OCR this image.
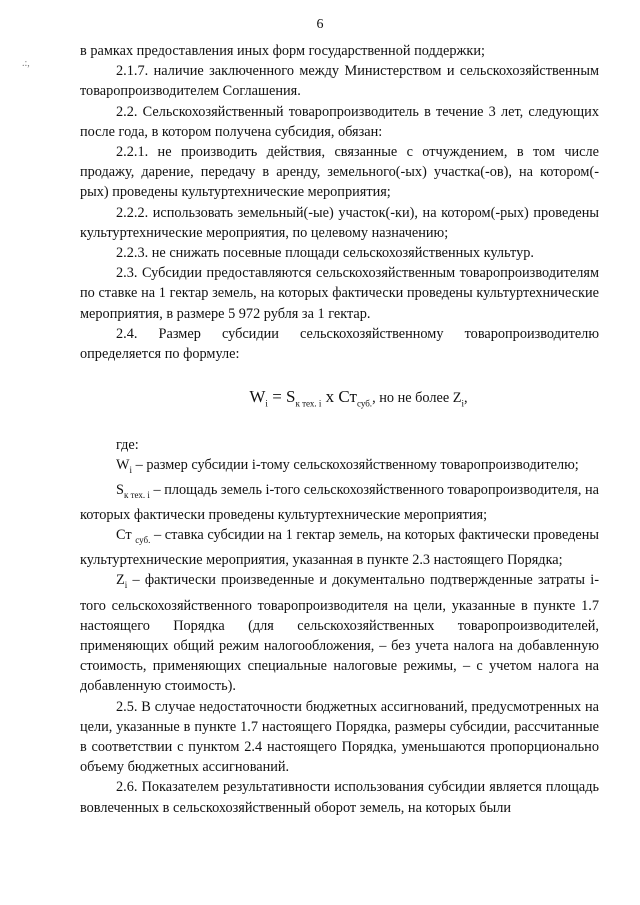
6
.:,

в рамках предоставления иных форм государственной поддержки;

2.1.7. наличие заключенного между Министерством и сельскохозяйственным товаропроизводителем Соглашения.

2.2. Сельскохозяйственный товаропроизводитель в течение 3 лет, следующих после года, в котором получена субсидия, обязан:

2.2.1. не производить действия, связанные с отчуждением, в том числе продажу, дарение, передачу в аренду, земельного(-ых) участка(-ов), на котором(-рых) проведены культуртехнические мероприятия;

2.2.2. использовать земельный(-ые) участок(-ки), на котором(-рых) проведены культуртехнические мероприятия, по целевому назначению;

2.2.3. не снижать посевные площади сельскохозяйственных культур.

2.3. Субсидии предоставляются сельскохозяйственным товаропроизводителям по ставке на 1 гектар земель, на которых фактически проведены культуртехнические мероприятия, в размере 5 972 рубля за 1 гектар.

2.4. Размер субсидии сельскохозяйственному товаропроизводителю определяется по формуле:

$W_i = S_{к тех. i}$ x $Ст_{суб.}$, но не более $Z_i$,

где:

$W_i$ – размер субсидии i-тому сельскохозяйственному товаропроизводителю;

$S_{к тех. i}$ – площадь земель i-того сельскохозяйственного товаропроизводителя, на которых фактически проведены культуртехнические мероприятия;

Ст $_{суб.}$ – ставка субсидии на 1 гектар земель, на которых фактически проведены культуртехнические мероприятия, указанная в пункте 2.3 настоящего Порядка;

$Z_i$ – фактически произведенные и документально подтвержденные затраты i-того сельскохозяйственного товаропроизводителя на цели, указанные в пункте 1.7 настоящего Порядка (для сельскохозяйственных товаропроизводителей, применяющих общий режим налогообложения, – без учета налога на добавленную стоимость, применяющих специальные налоговые режимы, – с учетом налога на добавленную стоимость).

2.5. В случае недостаточности бюджетных ассигнований, предусмотренных на цели, указанные в пункте 1.7 настоящего Порядка, размеры субсидии, рассчитанные в соответствии с пунктом 2.4 настоящего Порядка, уменьшаются пропорционально объему бюджетных ассигнований.

2.6. Показателем результативности использования субсидии является площадь вовлеченных в сельскохозяйственный оборот земель, на которых были
